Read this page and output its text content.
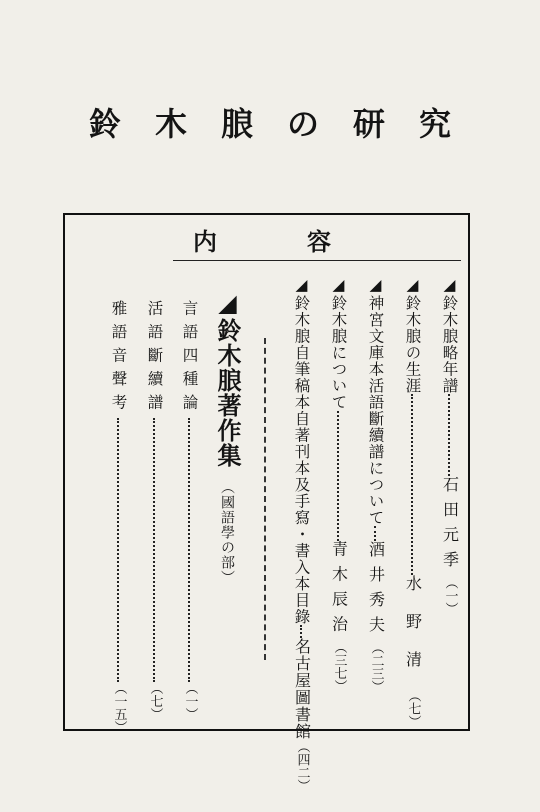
鈴木朖の研究
内容
◢鈴木朖略年譜石田元季（一）
◢鈴木朖の生涯水野清（七）
◢神宮文庫本活語斷續譜について酒井秀夫（二三）
◢鈴木朖について青木辰治（三七）
◢鈴木朖自筆稿本自著刊本及手寫・書入本目錄名古屋圖書館（四二）
◢鈴木朖著作集（國語學の部）
言語四種論（一）
活語斷續譜（七）
雅語音聲考（一五）
